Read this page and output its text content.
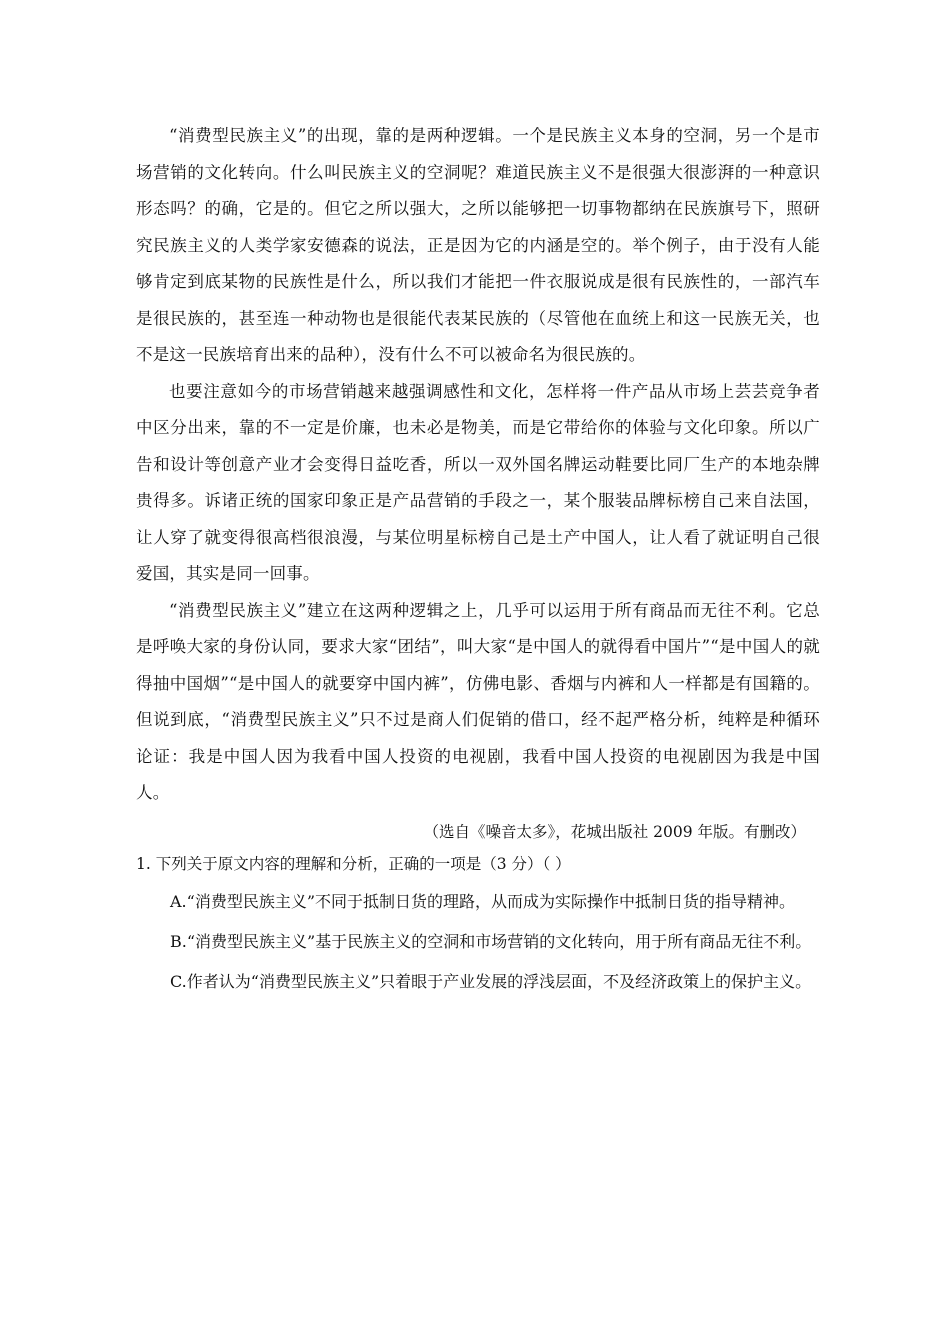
“消费型民族主义”的出现，靠的是两种逻辑。一个是民族主义本身的空洞，另一个是市场营销的文化转向。什么叫民族主义的空洞呢？难道民族主义不是很强大很澎湃的一种意识形态吗？的确，它是的。但它之所以强大，之所以能够把一切事物都纳在民族旗号下，照研究民族主义的人类学家安德森的说法，正是因为它的内涵是空的。举个例子，由于没有人能够肯定到底某物的民族性是什么，所以我们才能把一件衣服说成是很有民族性的，一部汽车是很民族的，甚至连一种动物也是很能代表某民族的（尽管他在血统上和这一民族无关，也不是这一民族培育出来的品种），没有什么不可以被命名为很民族的。

也要注意如今的市场营销越来越强调感性和文化，怎样将一件产品从市场上芸芸竞争者中区分出来，靠的不一定是价廉，也未必是物美，而是它带给你的体验与文化印象。所以广告和设计等创意产业才会变得日益吃香，所以一双外国名牌运动鞋要比同厂生产的本地杂牌贵得多。诉诸正统的国家印象正是产品营销的手段之一，某个服装品牌标榜自己来自法国，让人穿了就变得很高档很浪漫，与某位明星标榜自己是土产中国人，让人看了就证明自己很爱国，其实是同一回事。

“消费型民族主义”建立在这两种逻辑之上，几乎可以运用于所有商品而无往不利。它总是呼唤大家的身份认同，要求大家“团结”，叫大家“是中国人的就得看中国片”“是中国人的就得抽中国烟”“是中国人的就要穿中国内裤”，仿佛电影、香烟与内裤和人一样都是有国籍的。但说到底，“消费型民族主义”只不过是商人们促销的借口，经不起严格分析，纯粹是种循环论证：我是中国人因为我看中国人投资的电视剧，我看中国人投资的电视剧因为我是中国人。

（选自《噪音太多》，花城出版社 2009 年版。有删改）

1. 下列关于原文内容的理解和分析，正确的一项是（3 分）（ ）

A.“消费型民族主义”不同于抵制日货的理路，从而成为实际操作中抵制日货的指导精神。

B.“消费型民族主义”基于民族主义的空洞和市场营销的文化转向，用于所有商品无往不利。

C.作者认为“消费型民族主义”只着眼于产业发展的浮浅层面，不及经济政策上的保护主义。
